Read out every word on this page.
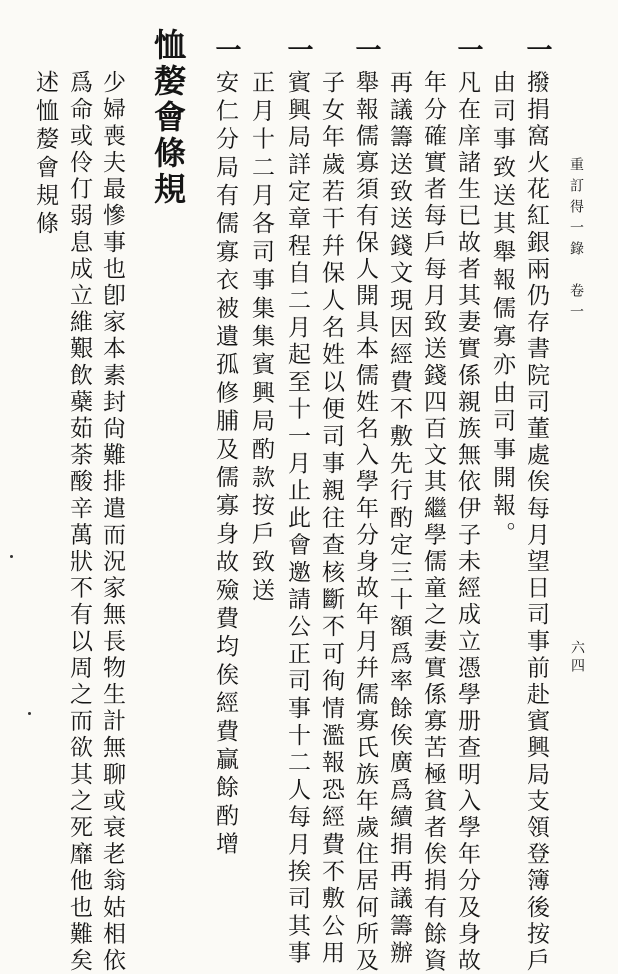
重訂得一錄　卷一
六四
一
一
一
一
一
撥捐窩火花紅銀兩仍存書院司董處俟每月望日司事前赴賓興局支領登簿後按戶
由司事致送其舉報儒寡亦由司事開報。
凡在庠諸生已故者其妻實係親族無依伊子未經成立憑學册查明入學年分及身故
年分確實者每戶每月致送錢四百文其繼學儒童之妻實係寡苦極貧者俟捐有餘資
再議籌送致送錢文現因經費不敷先行酌定三十額爲率餘俟廣爲續捐再議籌辦
舉報儒寡須有保人開具本儒姓名入學年分身故年月幷儒寡氏族年歲住居何所及
子女年歲若干幷保人名姓以便司事親往查核斷不可徇情濫報恐經費不敷公用
賓興局詳定章程自二月起至十一月止此會邀請公正司事十二人每月挨司其事
正月十二月各司事集集賓興局酌款按戶致送
安仁分局有儒寡衣被遺孤修脯及儒寡身故殮費均俟經費贏餘酌增
恤嫠會條規
少婦喪夫最慘事也卽家本素封尙難排遣而況家無長物生計無聊或衰老翁姑相依
爲命或伶仃弱息成立維艱飲蘗茹荼酸辛萬狀不有以周之而欲其之死靡他也難矣
述恤嫠會規條
